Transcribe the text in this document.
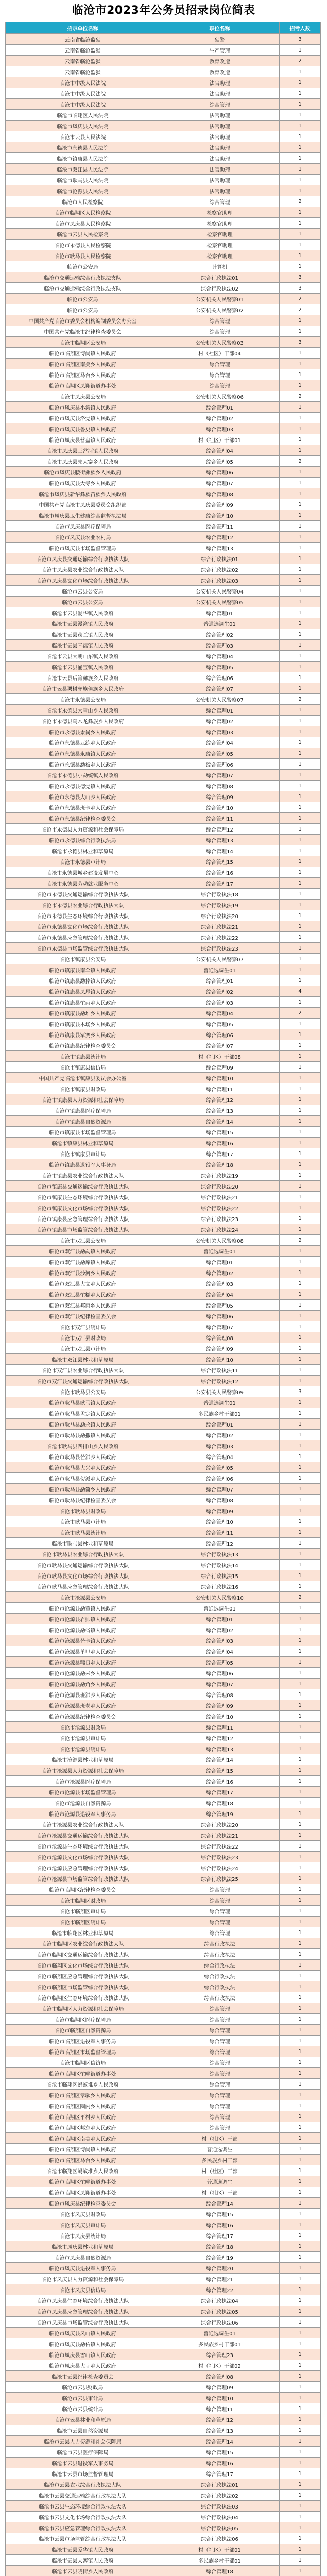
临沧市2023年公务员招录岗位简表
招录单位名称	职位名称	招考人数
云南省临沧监狱	狱警	3
云南省临沧监狱	生产管理	1
云南省临沧监狱	教育改造	2
云南省临沧监狱	教育改造	1
临沧市中级人民法院	法官助理	1
临沧市中级人民法院	法官助理	1
临沧市中级人民法院	综合管理	1
临沧市临翔区人民法院	法官助理	1
临沧市凤庆县人民法院	法官助理	1
临沧市云县人民法院	法官助理	1
临沧市永德县人民法院	法官助理	1
临沧市镇康县人民法院	法官助理	1
临沧市双江县人民法院	法官助理	1
临沧市耿马县人民法院	法官助理	1
临沧市沧源县人民法院	法官助理	1
临沧市人民检察院	综合管理	2
临沧市临翔区人民检察院	检察官助理	1
临沧市凤庆县人民检察院	检察官助理	1
临沧市云县人民检察院	检察官助理	1
临沧市永德县人民检察院	检察官助理	1
临沧市耿马县人民检察院	检察官助理	1
临沧市公安局	计算机	1
临沧市交通运输综合行政执法支队	综合行政执法01	3
临沧市交通运输综合行政执法支队	综合行政执法02	3
临沧市公安局	公安机关人民警察01	2
临沧市公安局	公安机关人民警察02	2
中国共产党临沧市委员会机构编制委员会办公室	综合管理	1
中国共产党临沧市纪律检查委员会	综合管理	1
临沧市临翔区公安局	公安机关人民警察03	3
临沧市临翔区博尚镇人民政府	村（社区）干部04	1
临沧市临翔区南美乡人民政府	综合管理	1
临沧市临翔区马台乡人民政府	综合管理	1
临沧市临翔区凤翔街道办事处	综合管理	1
临沧市凤庆县公安局	公安机关人民警察06	2
临沧市凤庆县小湾镇人民政府	综合管理01	1
临沧市凤庆县洛党镇人民政府	综合管理02	1
临沧市凤庆县鲁史镇人民政府	综合管理03	1
临沧市凤庆县营盘镇人民政府	村（社区）干部01	1
临沧市凤庆县三岔河镇人民政府	综合管理04	1
临沧市凤庆县郭大寨乡人民政府	综合管理05	2
临沧市凤庆县腰街彝族乡人民政府	综合管理06	1
临沧市凤庆县大寺乡人民政府	综合管理07	1
临沧市凤庆县新华彝族苗族乡人民政府	综合管理08	1
中国共产党临沧市凤庆县委员会组织部	综合管理09	1
临沧市凤庆县卫生健康综合监督执法局	综合管理10	1
临沧市凤庆县医疗保障局	综合管理11	1
临沧市凤庆县农业农村局	综合管理12	1
临沧市凤庆县市场监督管理局	综合管理13	1
临沧市凤庆县交通运输综合行政执法大队	综合行政执法01	1
临沧市凤庆县农业综合行政执法大队	综合行政执法02	1
临沧市凤庆县文化市场综合行政执法大队	综合行政执法03	1
临沧市云县公安局	公安机关人民警察04	1
临沧市云县公安局	公安机关人民警察05	1
临沧市云县爱华镇人民政府	综合管理01	1
临沧市云县漫湾镇人民政府	普通选调生01	1
临沧市云县茂兰镇人民政府	综合管理02	1
临沧市云县幸福镇人民政府	综合管理03	1
临沧市云县大朝山东镇人民政府	综合管理04	1
临沧市云县涌宝镇人民政府	综合管理05	1
临沧市云县后箐彝族乡人民政府	综合管理06	1
临沧市云县栗树彝族傣族乡人民政府	综合管理07	1
临沧市永德县公安局	公安机关人民警察07	2
临沧市永德县大雪山乡人民政府	综合管理01	1
临沧市永德县乌木龙彝族乡人民政府	综合管理02	1
临沧市永德县崇岗乡人民政府	综合管理03	1
临沧市永德县亚练乡人民政府	综合管理04	1
临沧市永德县永康镇人民政府	综合管理05	1
临沧市永德县勐板乡人民政府	综合管理06	1
临沧市永德县小勐统镇人民政府	综合管理07	1
临沧市永德县德党镇人民政府	综合管理08	1
临沧市永德县大山乡人民政府	综合管理09	1
临沧市永德县班卡乡人民政府	综合管理10	1
临沧市永德县纪律检查委员会	综合管理11	1
临沧市永德县人力资源和社会保障局	综合管理12	1
临沧市永德县综合行政执法局	综合管理13	1
临沧市永德县林业和草原局	综合管理14	1
临沧市永德县审计局	综合管理15	1
临沧市永德县城乡建设发展中心	综合管理16	1
临沧市永德县劳动就业服务中心	综合管理17	1
临沧市永德县交通运输综合行政执法大队	综合行政执法18	1
临沧市永德县农业综合行政执法大队	综合行政执法19	1
临沧市永德县生态环境综合行政执法大队	综合行政执法20	1
临沧市永德县文化市场综合行政执法大队	综合行政执法21	1
临沧市永德县应急管理综合行政执法大队	综合行政执法22	1
临沧市永德县市场监管综合行政执法大队	综合行政执法23	1
临沧市镇康县公安局	公安机关人民警察07	1
临沧市镇康县南伞镇人民政府	普通选调生01	1
临沧市镇康县勐捧镇人民政府	综合管理01	1
临沧市镇康县凤尾镇人民政府	综合管理02	4
临沧市镇康县忙丙乡人民政府	综合管理03	1
临沧市镇康县勐堆乡人民政府	综合管理04	2
临沧市镇康县木场乡人民政府	综合管理05	1
临沧市镇康县军赛乡人民政府	综合管理06	1
临沧市镇康县纪律检查委员会	综合管理07	1
临沧市镇康县统计局	村（社区）干部08	1
临沧市镇康县信访局	综合管理09	1
中国共产党临沧市镇康县委员会办公室	综合管理10	1
临沧市镇康县财政局	综合管理11	1
临沧市镇康县人力资源和社会保障局	综合管理12	1
临沧市镇康县医疗保障局	综合管理13	1
临沧市镇康县自然资源局	综合管理14	1
临沧市镇康县市场监督管理局	综合管理15	1
临沧市镇康县林业和草原局	综合管理16	1
临沧市镇康县审计局	综合管理17	1
临沧市镇康县退役军人事务局	综合管理18	1
临沧市镇康县农业综合行政执法大队	综合行政执法19	1
临沧市镇康县交通运输综合行政执法大队	综合行政执法20	1
临沧市镇康县生态环境综合行政执法大队	综合行政执法21	1
临沧市镇康县文化市场综合行政执法大队	综合行政执法22	1
临沧市镇康县应急管理综合行政执法大队	综合行政执法23	1
临沧市镇康县市场监管综合行政执法大队	综合行政执法24	1
临沧市双江县公安局	公安机关人民警察08	2
临沧市双江县勐勐镇人民政府	普通选调生01	1
临沧市双江县勐库镇人民政府	综合管理01	1
临沧市双江县沙河乡人民政府	综合管理02	1
临沧市双江县大文乡人民政府	综合管理03	1
临沧市双江县忙糯乡人民政府	综合管理04	1
临沧市双江县邦丙乡人民政府	综合管理05	1
临沧市双江县纪律检查委员会	综合管理06	1
临沧市双江县统计局	综合管理07	1
临沧市双江县财政局	综合管理08	1
临沧市双江县审计局	综合管理09	1
临沧市双江县林业和草原局	综合管理10	1
临沧市双江县农业综合行政执法大队	综合行政执法11	1
临沧市双江县交通运输综合行政执法大队	综合行政执法12	1
临沧市耿马县公安局	公安机关人民警察09	3
临沧市耿马县耿马镇人民政府	普通选调生01	1
临沧市耿马县孟定镇人民政府	多民族乡村干部01	1
临沧市耿马县勐永镇人民政府	综合管理01	1
临沧市耿马县勐撒镇人民政府	综合管理02	1
临沧市耿马县四排山乡人民政府	综合管理03	1
临沧市耿马县芒洪乡人民政府	综合管理04	1
临沧市耿马县大兴乡人民政府	综合管理05	1
临沧市耿马县贺派乡人民政府	综合管理06	1
临沧市耿马县勐简乡人民政府	综合管理07	1
临沧市耿马县纪律检查委员会	综合管理08	1
临沧市耿马县财政局	综合管理09	1
临沧市耿马县审计局	综合管理10	1
临沧市耿马县统计局	综合管理11	1
临沧市耿马县林业和草原局	综合管理12	1
临沧市耿马县农业综合行政执法大队	综合行政执法13	1
临沧市耿马县交通运输综合行政执法大队	综合行政执法14	1
临沧市耿马县文化市场综合行政执法大队	综合行政执法15	1
临沧市耿马县应急管理综合行政执法大队	综合行政执法16	1
临沧市沧源县公安局	公安机关人民警察10	2
临沧市沧源县勐董镇人民政府	普通选调生01	1
临沧市沧源县岩帅镇人民政府	综合管理01	1
临沧市沧源县勐省镇人民政府	综合管理02	1
临沧市沧源县芒卡镇人民政府	综合管理03	1
临沧市沧源县单甲乡人民政府	综合管理04	1
临沧市沧源县糯良乡人民政府	综合管理05	1
临沧市沧源县勐来乡人民政府	综合管理06	1
临沧市沧源县勐角乡人民政府	综合管理07	1
临沧市沧源县班洪乡人民政府	综合管理08	1
临沧市沧源县班老乡人民政府	综合管理09	1
临沧市沧源县纪律检查委员会	综合管理10	1
临沧市沧源县财政局	综合管理11	1
临沧市沧源县审计局	综合管理12	1
临沧市沧源县统计局	综合管理13	1
临沧市沧源县林业和草原局	综合管理14	1
临沧市沧源县人力资源和社会保障局	综合管理15	1
临沧市沧源县医疗保障局	综合管理16	1
临沧市沧源县市场监督管理局	综合管理17	1
临沧市沧源县自然资源局	综合管理18	1
临沧市沧源县退役军人事务局	综合管理19	1
临沧市沧源县农业综合行政执法大队	综合行政执法20	1
临沧市沧源县交通运输综合行政执法大队	综合行政执法21	1
临沧市沧源县生态环境综合行政执法大队	综合行政执法22	1
临沧市沧源县文化市场综合行政执法大队	综合行政执法23	1
临沧市沧源县应急管理综合行政执法大队	综合行政执法24	1
临沧市沧源县市场监管综合行政执法大队	综合行政执法25	1
临沧市临翔区纪律检查委员会	综合管理	1
临沧市临翔区财政局	综合管理	1
临沧市临翔区审计局	综合管理	1
临沧市临翔区统计局	综合管理	1
临沧市临翔区林业和草原局	综合管理	1
临沧市临翔区农业综合行政执法大队	综合行政执法	1
临沧市临翔区交通运输综合行政执法大队	综合行政执法	1
临沧市临翔区文化市场综合行政执法大队	综合行政执法	1
临沧市临翔区应急管理综合行政执法大队	综合行政执法	1
临沧市临翔区市场监管综合行政执法大队	综合行政执法	1
临沧市临翔区生态环境综合行政执法大队	综合行政执法	1
临沧市临翔区人力资源和社会保障局	综合管理	1
临沧市临翔区医疗保障局	综合管理	1
临沧市临翔区自然资源局	综合管理	1
临沧市临翔区退役军人事务局	综合管理	1
临沧市临翔区市场监督管理局	综合管理	1
临沧市临翔区信访局	综合管理	1
临沧市临翔区忙畔街道办事处	综合管理	1
临沧市临翔区蚂蚁堆乡人民政府	综合管理	1
临沧市临翔区章驮乡人民政府	综合管理	1
临沧市临翔区圈内乡人民政府	综合管理	1
临沧市临翔区平村乡人民政府	综合管理	1
临沧市临翔区邦东乡人民政府	综合管理	1
临沧市临翔区南美乡人民政府	村（社区）干部	1
临沧市临翔区博尚镇人民政府	普通选调生	1
临沧市临翔区马台乡人民政府	多民族乡村干部	1
临沧市临翔区蚂蚁堆乡人民政府	村（社区）干部	1
临沧市临翔区忙畔街道办事处	普通选调生	1
临沧市临翔区凤翔街道办事处	村（社区）干部	1
临沧市凤庆县纪律检查委员会	综合管理14	1
临沧市凤庆县财政局	综合管理15	1
临沧市凤庆县审计局	综合管理16	1
临沧市凤庆县统计局	综合管理17	1
临沧市凤庆县林业和草原局	综合管理18	1
临沧市凤庆县自然资源局	综合管理19	1
临沧市凤庆县退役军人事务局	综合管理20	1
临沧市凤庆县人力资源和社会保障局	综合管理21	1
临沧市凤庆县信访局	综合管理22	1
临沧市凤庆县生态环境综合行政执法大队	综合行政执法04	1
临沧市凤庆县应急管理综合行政执法大队	综合行政执法05	1
临沧市凤庆县市场监管综合行政执法大队	综合行政执法06	1
临沧市凤庆县凤山镇人民政府	普通选调生01	1
临沧市凤庆县勐佑镇人民政府	多民族乡村干部01	1
临沧市凤庆县雪山镇人民政府	综合管理23	1
临沧市凤庆县大寺乡人民政府	村（社区）干部02	1
临沧市云县纪律检查委员会	综合管理08	1
临沧市云县财政局	综合管理09	1
临沧市云县审计局	综合管理10	1
临沧市云县统计局	综合管理11	1
临沧市云县林业和草原局	综合管理12	1
临沧市云县自然资源局	综合管理13	1
临沧市云县人力资源和社会保障局	综合管理14	1
临沧市云县医疗保障局	综合管理15	1
临沧市云县退役军人事务局	综合管理16	1
临沧市云县市场监督管理局	综合管理17	1
临沧市云县农业综合行政执法大队	综合行政执法01	1
临沧市云县交通运输综合行政执法大队	综合行政执法02	1
临沧市云县生态环境综合行政执法大队	综合行政执法03	1
临沧市云县文化市场综合行政执法大队	综合行政执法04	1
临沧市云县应急管理综合行政执法大队	综合行政执法05	1
临沧市云县市场监管综合行政执法大队	综合行政执法06	1
临沧市云县爱华镇人民政府	村（社区）干部01	1
临沧市云县大寨镇人民政府	多民族乡村干部01	1
临沧市云县晓街乡人民政府	综合管理18	1
